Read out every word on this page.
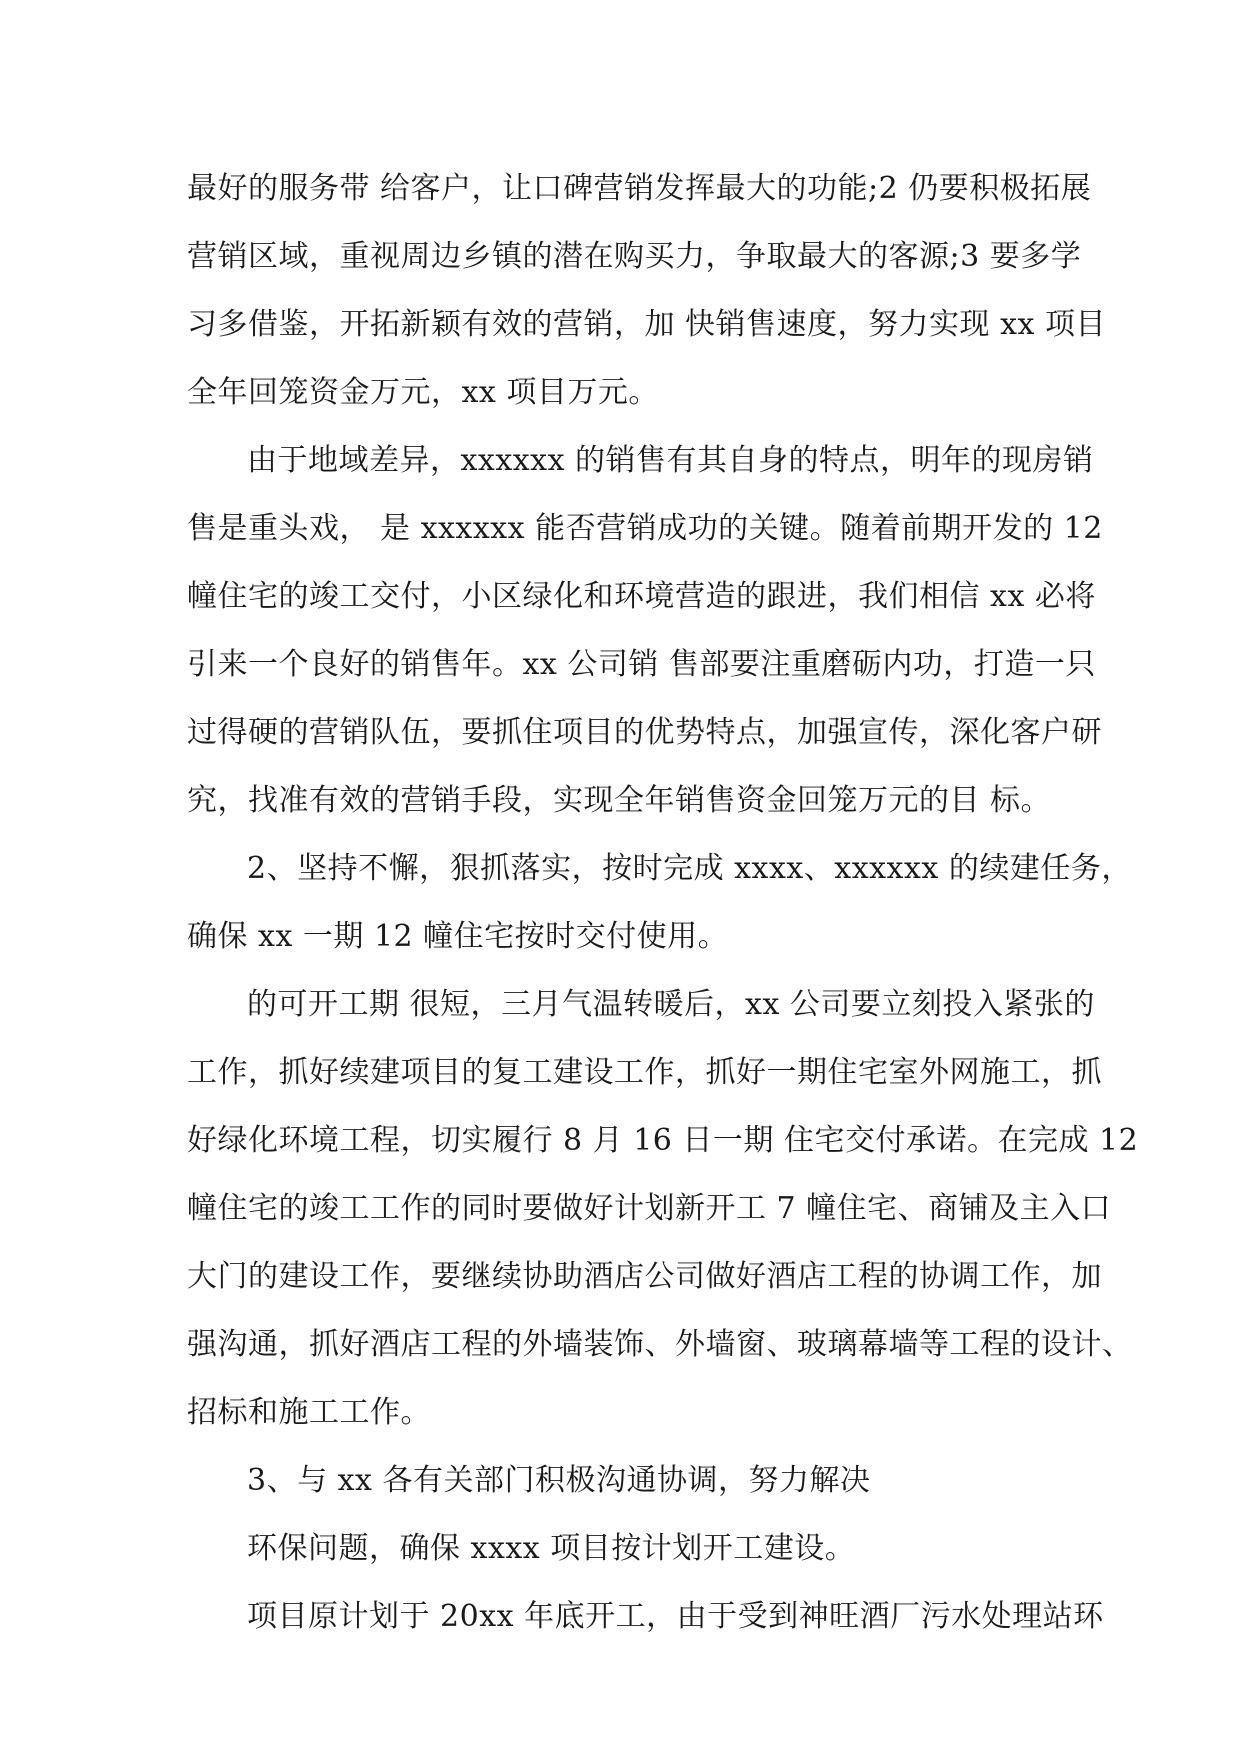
最好的服务带 给客户，让口碑营销发挥最大的功能;2 仍要积极拓展
营销区域，重视周边乡镇的潜在购买力，争取最大的客源;3 要多学
习多借鉴，开拓新颖有效的营销，加 快销售速度，努力实现 xx 项目
全年回笼资金万元，xx 项目万元。
由于地域差异，xxxxxx 的销售有其自身的特点，明年的现房销
售是重头戏， 是 xxxxxx 能否营销成功的关键。随着前期开发的 12
幢住宅的竣工交付，小区绿化和环境营造的跟进，我们相信 xx 必将
引来一个良好的销售年。xx 公司销 售部要注重磨砺内功，打造一只
过得硬的营销队伍，要抓住项目的优势特点，加强宣传，深化客户研
究，找准有效的营销手段，实现全年销售资金回笼万元的目 标。
2、坚持不懈，狠抓落实，按时完成 xxxx、xxxxxx 的续建任务，
确保 xx 一期 12 幢住宅按时交付使用。
的可开工期 很短，三月气温转暖后，xx 公司要立刻投入紧张的
工作，抓好续建项目的复工建设工作，抓好一期住宅室外网施工，抓
好绿化环境工程，切实履行 8 月 16 日一期 住宅交付承诺。在完成 12
幢住宅的竣工工作的同时要做好计划新开工 7 幢住宅、商铺及主入口
大门的建设工作，要继续协助酒店公司做好酒店工程的协调工作，加
强沟通，抓好酒店工程的外墙装饰、外墙窗、玻璃幕墙等工程的设计、
招标和施工工作。
3、与 xx 各有关部门积极沟通协调，努力解决
环保问题，确保 xxxx 项目按计划开工建设。
项目原计划于 20xx 年底开工，由于受到神旺酒厂污水处理站环
